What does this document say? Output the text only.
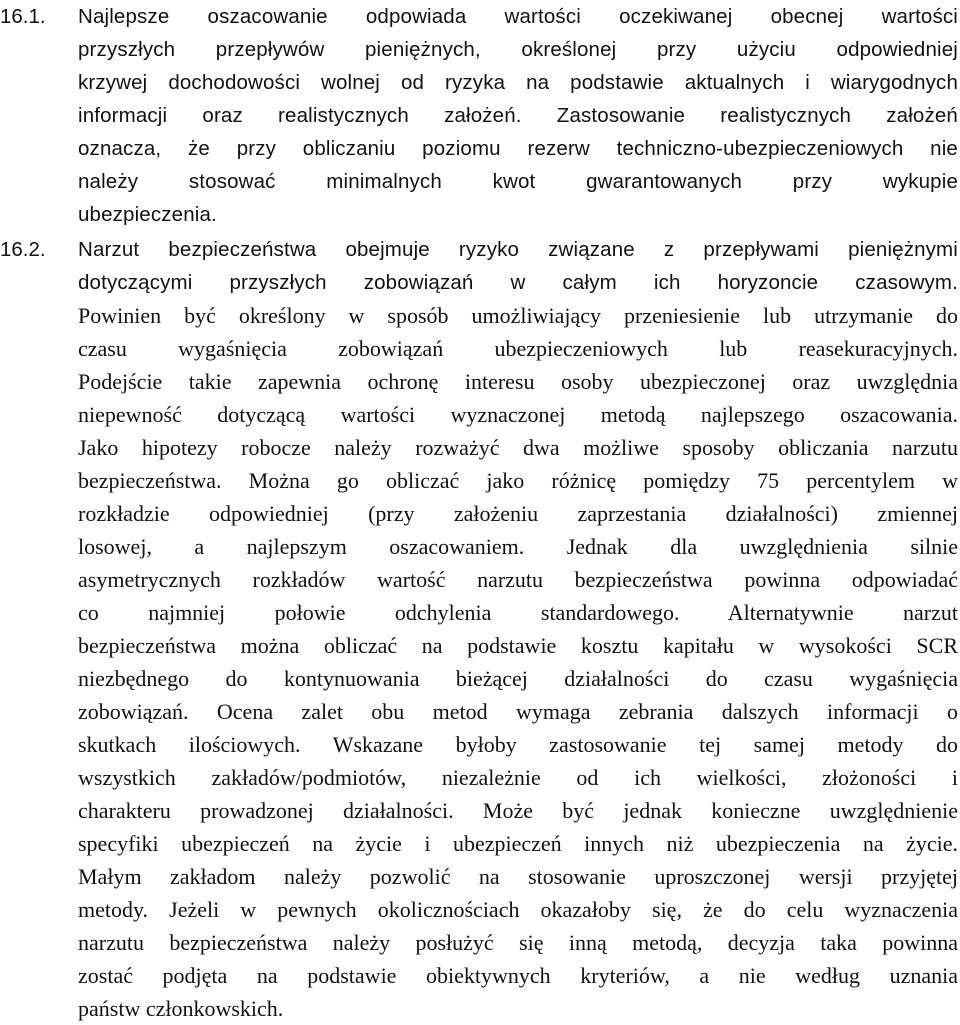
16.1. Najlepsze oszacowanie odpowiada wartości oczekiwanej obecnej wartości
przyszłych przepływów pieniężnych, określonej przy użyciu odpowiedniej
krzywej dochodowości wolnej od ryzyka na podstawie aktualnych i wiarygodnych
informacji oraz realistycznych założeń. Zastosowanie realistycznych założeń
oznacza, że przy obliczaniu poziomu rezerw techniczno-ubezpieczeniowych nie
należy stosować minimalnych kwot gwarantowanych przy wykupie
ubezpieczenia.
16.2. Narzut bezpieczeństwa obejmuje ryzyko związane z przepływami pieniężnymi
dotyczącymi przyszłych zobowiązań w całym ich horyzoncie czasowym.
Powinien być określony w sposób umożliwiający przeniesienie lub utrzymanie do
czasu wygaśnięcia zobowiązań ubezpieczeniowych lub reasekuracyjnych.
Podejście takie zapewnia ochronę interesu osoby ubezpieczonej oraz uwzględnia
niepewność dotyczącą wartości wyznaczonej metodą najlepszego oszacowania.
Jako hipotezy robocze należy rozważyć dwa możliwe sposoby obliczania narzutu
bezpieczeństwa. Można go obliczać jako różnicę pomiędzy 75 percentylem w
rozkładzie odpowiedniej (przy założeniu zaprzestania działalności) zmiennej
losowej, a najlepszym oszacowaniem. Jednak dla uwzględnienia silnie
asymetrycznych rozkładów wartość narzutu bezpieczeństwa powinna odpowiadać
co najmniej połowie odchylenia standardowego. Alternatywnie narzut
bezpieczeństwa można obliczać na podstawie kosztu kapitału w wysokości SCR
niezbędnego do kontynuowania bieżącej działalności do czasu wygaśnięcia
zobowiązań. Ocena zalet obu metod wymaga zebrania dalszych informacji o
skutkach ilościowych. Wskazane byłoby zastosowanie tej samej metody do
wszystkich zakładów/podmiotów, niezależnie od ich wielkości, złożoności i
charakteru prowadzonej działalności. Może być jednak konieczne uwzględnienie
specyfiki ubezpieczeń na życie i ubezpieczeń innych niż ubezpieczenia na życie.
Małym zakładom należy pozwolić na stosowanie uproszczonej wersji przyjętej
metody. Jeżeli w pewnych okolicznościach okazałoby się, że do celu wyznaczenia
narzutu bezpieczeństwa należy posłużyć się inną metodą, decyzja taka powinna
zostać podjęta na podstawie obiektywnych kryteriów, a nie według uznania
państw członkowskich.
